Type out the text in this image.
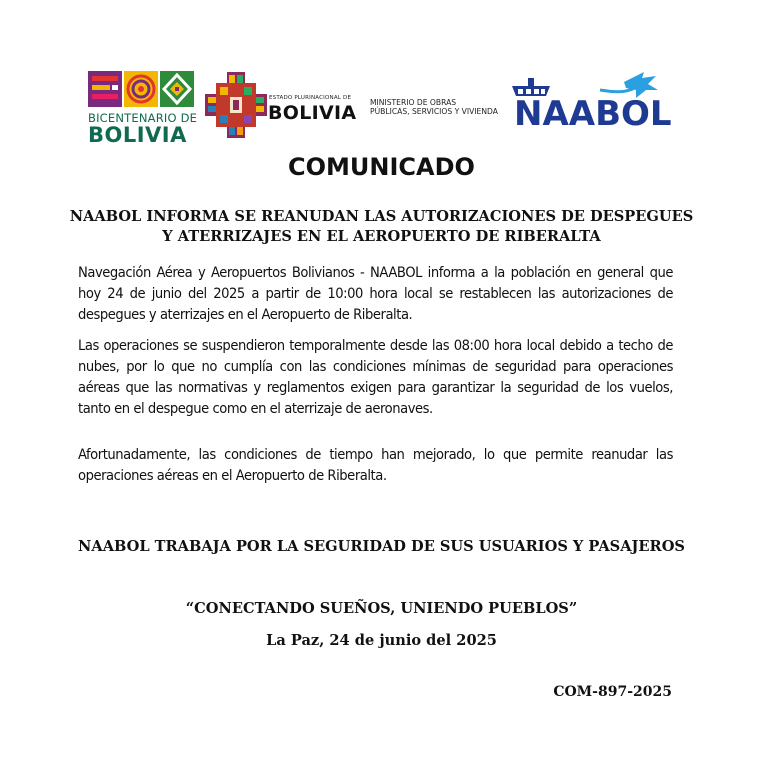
BICENTENARIO DE
BOLIVIA
ESTADO PLURINACIONAL DE
BOLIVIA MINISTERIO DE OBRAS
PÚBLICAS, SERVICIOS Y VIVIENDA NAABOL
COMUNICADO
NAABOL INFORMA SE REANUDAN LAS AUTORIZACIONES DE DESPEGUES
Y ATERRIZAJES EN EL AEROPUERTO DE RIBERALTA

Navegación Aérea y Aeropuertos Bolivianos - NAABOL informa a la población en general que hoy 24 de junio del 2025 a partir de 10:00 hora local se restablecen las autorizaciones de despegues y aterrizajes en el Aeropuerto de Riberalta.

Las operaciones se suspendieron temporalmente desde las 08:00 hora local debido a techo de nubes, por lo que no cumplía con las condiciones mínimas de seguridad para operaciones aéreas que las normativas y reglamentos exigen para garantizar la seguridad de los vuelos, tanto en el despegue como en el aterrizaje de aeronaves.

Afortunadamente, las condiciones de tiempo han mejorado, lo que permite reanudar las operaciones aéreas en el Aeropuerto de Riberalta.

NAABOL TRABAJA POR LA SEGURIDAD DE SUS USUARIOS Y PASAJEROS
“CONECTANDO SUEÑOS, UNIENDO PUEBLOS”
La Paz, 24 de junio del 2025
COM-897-2025
